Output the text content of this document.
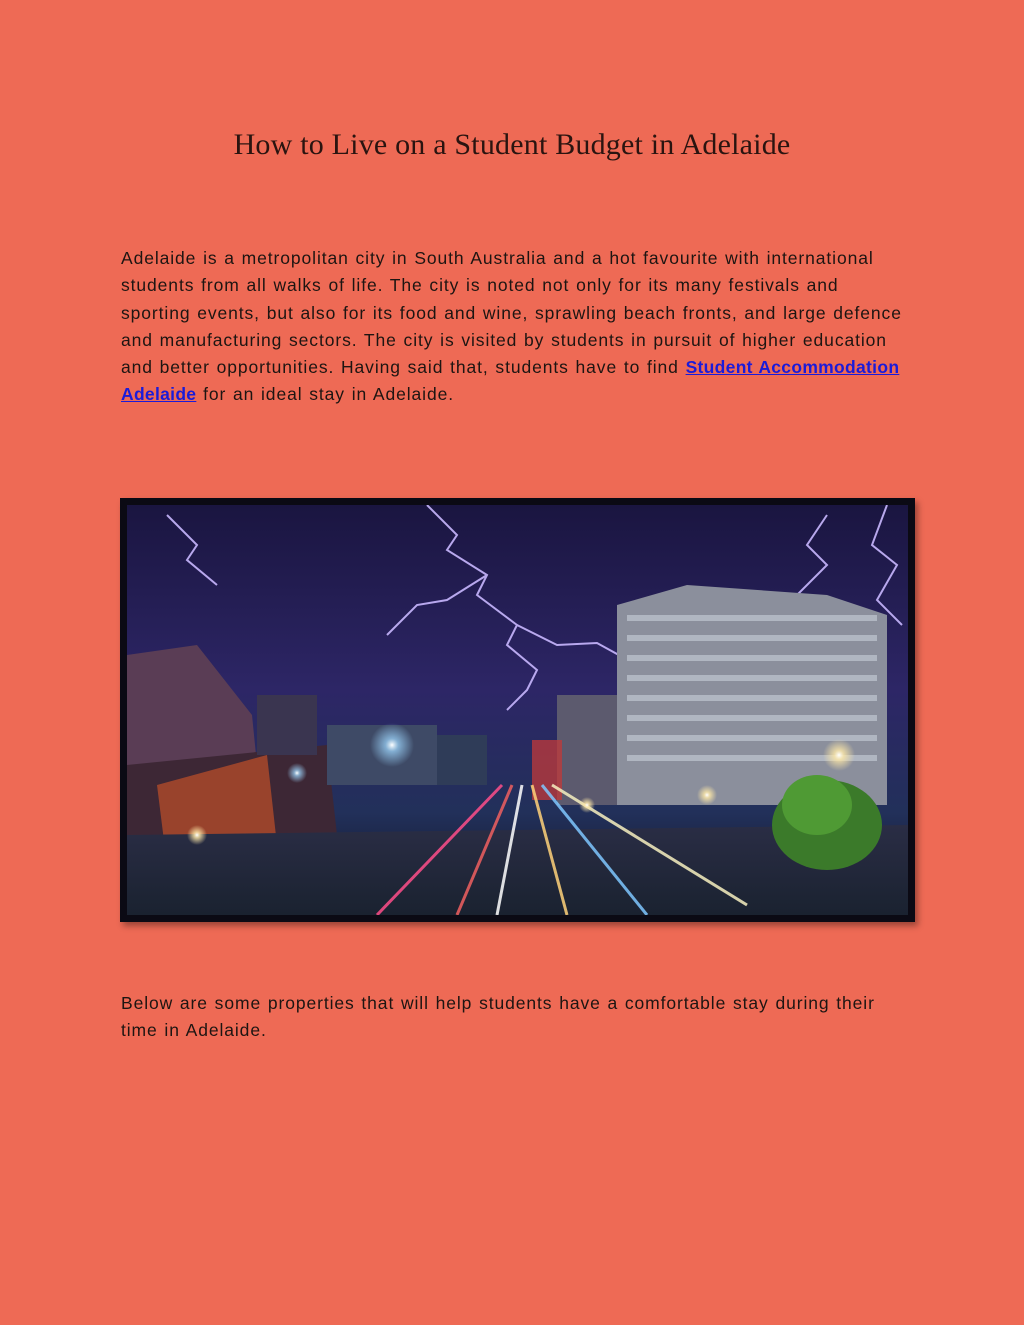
How to Live on a Student Budget in Adelaide

Adelaide is a metropolitan city in South Australia and a hot favourite with international students from all walks of life. The city is noted not only for its many festivals and sporting events, but also for its food and wine, sprawling beach fronts, and large defence and manufacturing sectors. The city is visited by students in pursuit of higher education and better opportunities. Having said that, students have to find Student Accommodation Adelaide for an ideal stay in Adelaide.

Below are some properties that will help students have a comfortable stay during their time in Adelaide.
